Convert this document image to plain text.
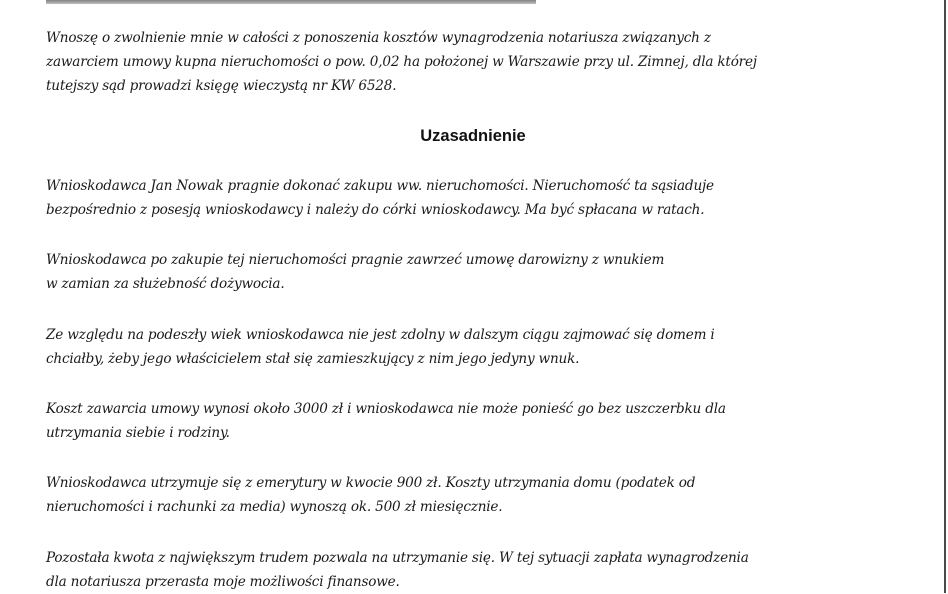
Wnoszę o zwolnienie mnie w całości z ponoszenia kosztów wynagrodzenia notariusza związanych z
zawarciem umowy kupna nieruchomości o pow. 0,02 ha położonej w Warszawie przy ul. Zimnej, dla której
tutejszy sąd prowadzi księgę wieczystą nr KW 6528.

Uzasadnienie

Wnioskodawca Jan Nowak pragnie dokonać zakupu ww. nieruchomości. Nieruchomość ta sąsiaduje
bezpośrednio z posesją wnioskodawcy i należy do córki wnioskodawcy. Ma być spłacana w ratach.

Wnioskodawca po zakupie tej nieruchomości pragnie zawrzeć umowę darowizny z wnukiem
w zamian za służebność dożywocia.

Ze względu na podeszły wiek wnioskodawca nie jest zdolny w dalszym ciągu zajmować się domem i
chciałby, żeby jego właścicielem stał się zamieszkujący z nim jego jedyny wnuk.

Koszt zawarcia umowy wynosi około 3000 zł i wnioskodawca nie może ponieść go bez uszczerbku dla
utrzymania siebie i rodziny.

Wnioskodawca utrzymuje się z emerytury w kwocie 900 zł. Koszty utrzymania domu (podatek od
nieruchomości i rachunki za media) wynoszą ok. 500 zł miesięcznie.

Pozostała kwota z największym trudem pozwala na utrzymanie się. W tej sytuacji zapłata wynagrodzenia
dla notariusza przerasta moje możliwości finansowe.
